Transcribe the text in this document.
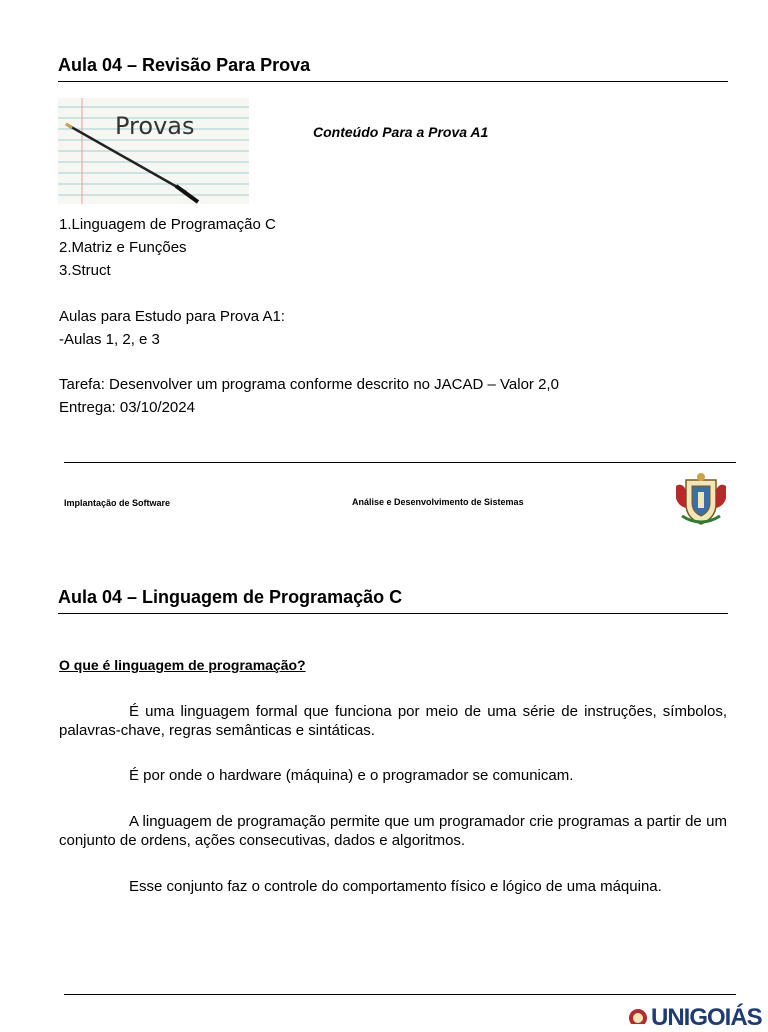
Aula 04 – Revisão Para Prova
Provas	Conteúdo Para a Prova A1
1.Linguagem de Programação C
2.Matriz e Funções
3.Struct
Aulas para Estudo para Prova A1:
-Aulas 1, 2, e 3
Tarefa: Desenvolver um programa conforme descrito no JACAD – Valor 2,0
Entrega: 03/10/2024
Implantação de Software	Análise e Desenvolvimento de Sistemas
Aula 04 – Linguagem de Programação C
O que é linguagem de programação?
É uma linguagem formal que funciona por meio de uma série de instruções, símbolos, palavras-chave, regras semânticas e sintáticas.
É por onde o hardware (máquina) e o programador se comunicam.
A linguagem de programação permite que um programador crie programas a partir de um conjunto de ordens, ações consecutivas, dados e algoritmos.
Esse conjunto faz o controle do comportamento físico e lógico de uma máquina.
UNIGOIÁS
